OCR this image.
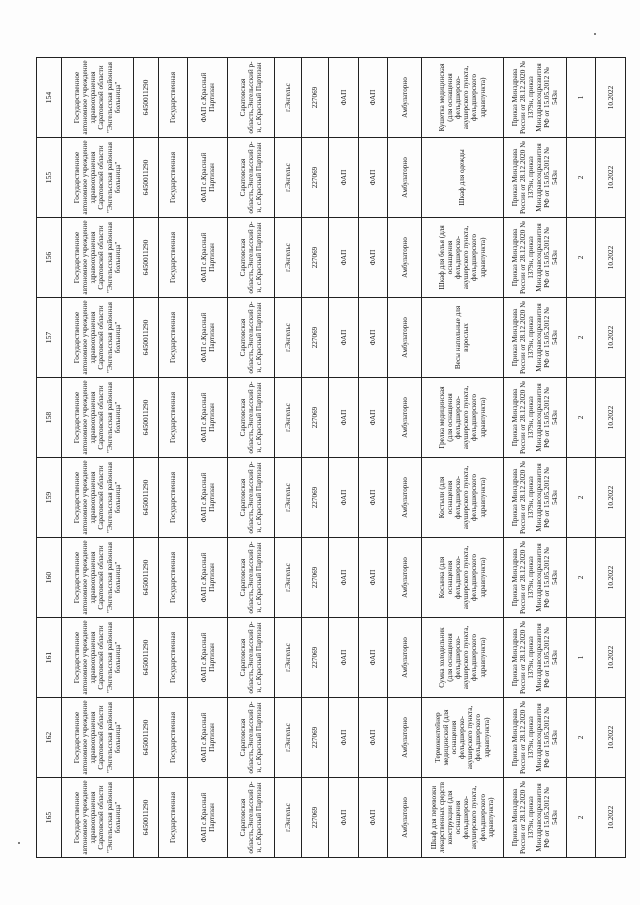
165	162	161	160	159	158	157	156	155	154
Государственное автономное учреждение здравоохранения Саратовской области "Энгельсская районная больница"	Государственное автономное учреждение здравоохранения Саратовской области "Энгельсская районная больница"	Государственное автономное учреждение здравоохранения Саратовской области "Энгельсская районная больница"	Государственное автономное учреждение здравоохранения Саратовской области "Энгельсская районная больница"	Государственное автономное учреждение здравоохранения Саратовской области "Энгельсская районная больница"	Государственное автономное учреждение здравоохранения Саратовской области "Энгельсская районная больница"	Государственное автономное учреждение здравоохранения Саратовской области "Энгельсская районная больница"	Государственное автономное учреждение здравоохранения Саратовской области "Энгельсская районная больница"	Государственное автономное учреждение здравоохранения Саратовской области "Энгельсская районная больница"	Государственное автономное учреждение здравоохранения Саратовской области "Энгельсская районная больница"
6450011290	6450011290	6450011290	6450011290	6450011290	6450011290	6450011290	6450011290	6450011290	6450011290
Государственная	Государственная	Государственная	Государственная	Государственная	Государственная	Государственная	Государственная	Государственная	Государственная
ФАП с.Красный Партизан	ФАП с.Красный Партизан	ФАП с.Красный Партизан	ФАП с.Красный Партизан	ФАП с.Красный Партизан	ФАП с.Красный Партизан	ФАП с.Красный Партизан	ФАП с.Красный Партизан	ФАП с.Красный Партизан	ФАП с.Красный Партизан
Саратовская область,Энгельсский р-н, с.Красный Партизан	Саратовская область,Энгельсский р-н, с.Красный Партизан	Саратовская область,Энгельсский р-н, с.Красный Партизан	Саратовская область,Энгельсский р-н, с.Красный Партизан	Саратовская область,Энгельсский р-н, с.Красный Партизан	Саратовская область,Энгельсский р-н, с.Красный Партизан	Саратовская область,Энгельсский р-н, с.Красный Партизан	Саратовская область,Энгельсский р-н, с.Красный Партизан	Саратовская область,Энгельсский р-н, с.Красный Партизан	Саратовская область,Энгельсский р-н, с.Красный Партизан
г.Энгельс	г.Энгельс	г.Энгельс	г.Энгельс	г.Энгельс	г.Энгельс	г.Энгельс	г.Энгельс	г.Энгельс	г.Энгельс
227069	227069	227069	227069	227069	227069	227069	227069	227069	227069
ФАП	ФАП	ФАП	ФАП	ФАП	ФАП	ФАП	ФАП	ФАП	ФАП
ФАП	ФАП	ФАП	ФАП	ФАП	ФАП	ФАП	ФАП	ФАП	ФАП
Амбулаторно	Амбулаторно	Амбулаторно	Амбулаторно	Амбулаторно	Амбулаторно	Амбулаторно	Амбулаторно	Амбулаторно	Амбулаторно
Шкаф для перевозки лекарственных средств конструкции (для оснащения фельдшерско-акушерского пункта, фельдшерского здравпункта)	Термоконтейнер медицинский (для оснащения фельдшерско-акушерского пункта, фельдшерского здравпункта)	Сумка холодильник (для оснащения фельдшерско-акушерского пункта, фельдшерского здравпункта)	Косынка (для оснащения фельдшерско-акушерского пункта, фельдшерского здравпункта)	Костыли (для оснащения фельдшерско-акушерского пункта, фельдшерского здравпункта)	Грелка медицинская (для оснащения фельдшерско-акушерского пункта, фельдшерского здравпункта)	Весы напольные для взрослых	Шкаф для белья (для оснащения фельдшерско-акушерского пункта, фельдшерского здравпункта)	Шкаф для одежды	Кушетка медицинская (для оснащения фельдшерско-акушерского пункта, фельдшерского здравпункта)
Приказ Минздрава России от 28.12.2020 № 1379н, приказ Минздравсоцразвития РФ от 15.05.2012 № 543н	Приказ Минздрава России от 28.12.2020 № 1379н, приказ Минздравсоцразвития РФ от 15.05.2012 № 543н	Приказ Минздрава России от 28.12.2020 № 1379н, приказ Минздравсоцразвития РФ от 15.05.2012 № 543н	Приказ Минздрава России от 28.12.2020 № 1379н, приказ Минздравсоцразвития РФ от 15.05.2012 № 543н	Приказ Минздрава России от 28.12.2020 № 1379н, приказ Минздравсоцразвития РФ от 15.05.2012 № 543н	Приказ Минздрава России от 28.12.2020 № 1379н, приказ Минздравсоцразвития РФ от 15.05.2012 № 543н	Приказ Минздрава России от 28.12.2020 № 1379н, приказ Минздравсоцразвития РФ от 15.05.2012 № 543н	Приказ Минздрава России от 28.12.2020 № 1379н, приказ Минздравсоцразвития РФ от 15.05.2012 № 543н	Приказ Минздрава России от 28.12.2020 № 1379н, приказ Минздравсоцразвития РФ от 15.05.2012 № 543н	Приказ Минздрава России от 28.12.2020 № 1379н, приказ Минздравсоцразвития РФ от 15.05.2012 № 543н
2	2	1	2	2	2	2	2	2	1
10.2022	10.2022	10.2022	10.2022	10.2022	10.2022	10.2022	10.2022	10.2022	10.2022
